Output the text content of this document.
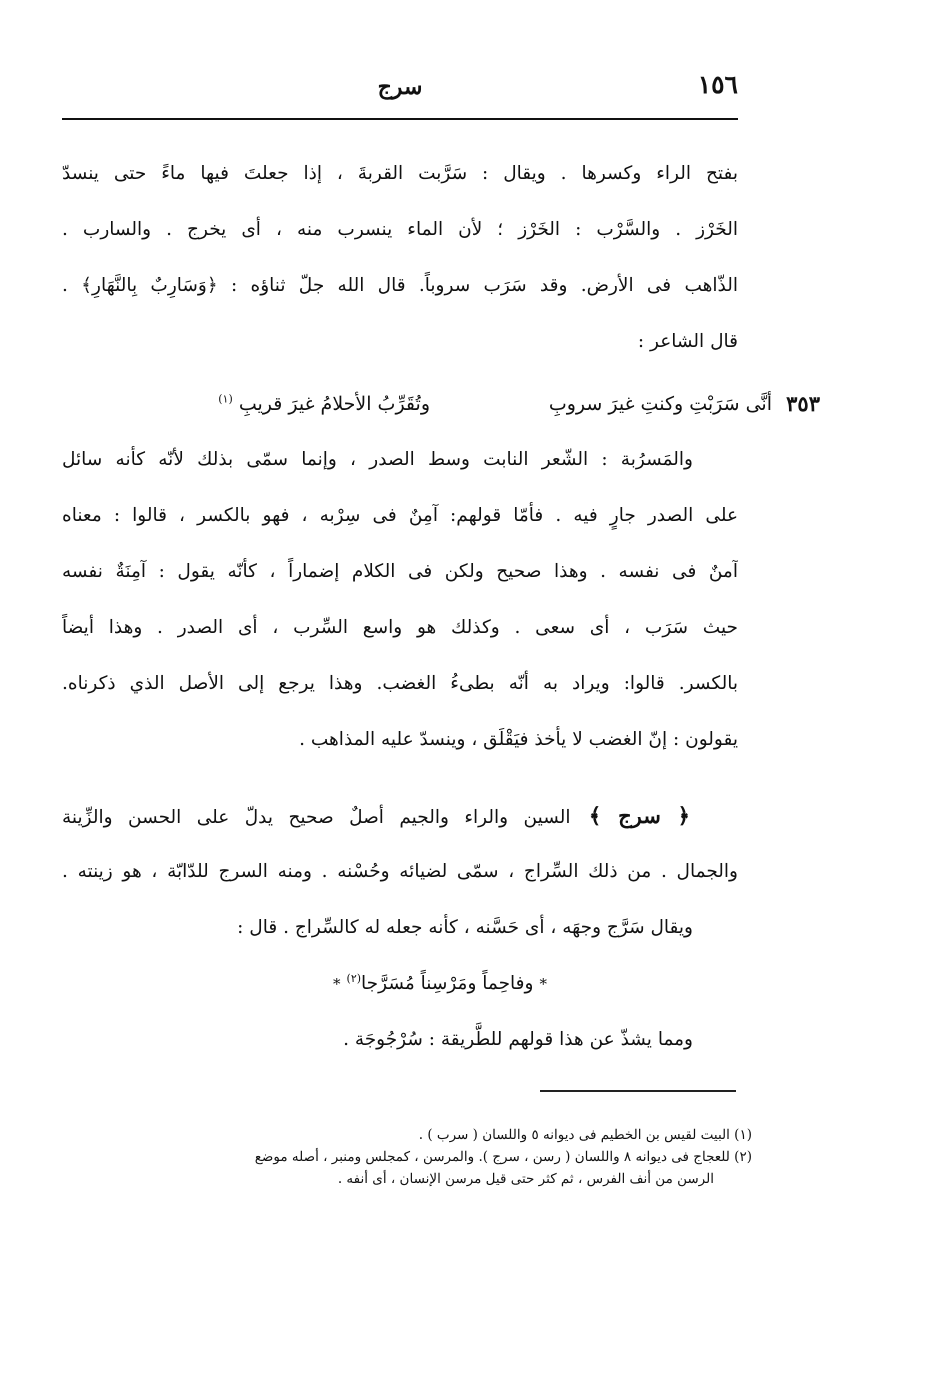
١٥٦
سرج
بفتح الراء وكسرها . ويقال : سَرَّبت القربةَ ، إذا جعلتَ فيها ماءً حتى ينسدّ
الخَرْز . والسَّرْب : الخَرْز ؛ لأن الماء ينسرب منه ، أى يخرج . والسارب .
الذّاهب فى الأرض. وقد سَرَب سروباً. قال الله جلّ ثناؤه : ﴿وَسَارِبٌ بِالنَّهَارِ﴾ .
قال الشاعر :
٣٥٣
أنَّى سَرَبْتِ وكنتِ غيرَ سروبِ
وتُقَرِّبُ الأحلامُ غيرَ قريبِ $^{(١)}$
والمَسرُبة : الشّعر النابت وسط الصدر ، وإنما سمّى بذلك لأنّه كأنه سائل
على الصدر جارٍ فيه . فأمّا قولهم: آمِنٌ فى سِرْبه ، فهو بالكسر ، قالوا : معناه
آمنٌ فى نفسه . وهذا صحيح ولكن فى الكلام إضماراً ، كأنّه يقول : آمِنَةٌ نفسه
حيث سَرَب ، أى سعى . وكذلك هو واسع السِّرب ، أى الصدر . وهذا أيضاً
بالكسر. قالوا: ويراد به أنّه بطىءُ الغضب. وهذا يرجع إلى الأصل الذي ذكرناه.
يقولون : إنّ الغضب لا يأخذ فيَقْلَق ، وينسدّ عليه المذاهب .
﴿ سرج ﴾ السين والراء والجيم أصلٌ صحيح يدلّ على الحسن والزِّينة
والجمال . من ذلك السِّراج ، سمّى لضيائه وحُسْنه . ومنه السرج للدّابّة ، هو زينته .
ويقال سَرَّج وجهَه ، أى حَسَّنه ، كأنه جعله له كالسِّراج . قال :
*وفاحِماً ومَرْسِناً مُسَرَّجا$^{(٢)}$*
ومما يشذّ عن هذا قولهم للطَّريقة : سُرْجُوجَة .
(١) البيت لقيس بن الخطيم فى ديوانه ٥ واللسان ( سرب ) .
(٢) للعجاج فى ديوانه ٨ واللسان ( رسن ، سرج ). والمرسن ، كمجلس ومنبر ، أصله موضع
الرسن من أنف الفرس ، ثم كثر حتى قيل مرسن الإنسان ، أى أنفه .
